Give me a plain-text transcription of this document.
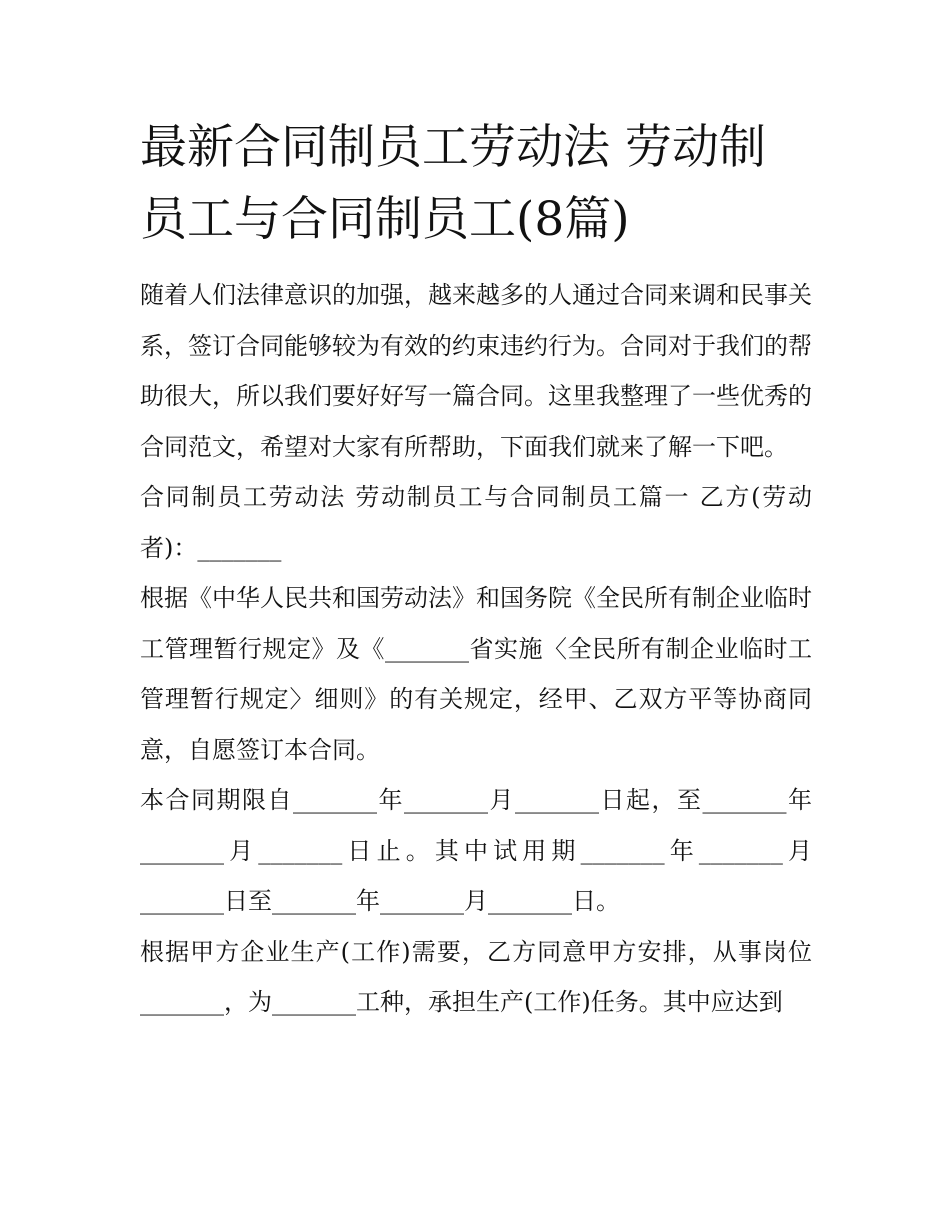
最新合同制员工劳动法 劳动制员工与合同制员工(8篇)

随着人们法律意识的加强，越来越多的人通过合同来调和民事关系，签订合同能够较为有效的约束违约行为。合同对于我们的帮助很大，所以我们要好好写一篇合同。这里我整理了一些优秀的合同范文，希望对大家有所帮助，下面我们就来了解一下吧。

合同制员工劳动法 劳动制员工与合同制员工篇一 乙方(劳动者)：_______

根据《中华人民共和国劳动法》和国务院《全民所有制企业临时工管理暂行规定》及《_______省实施〈全民所有制企业临时工管理暂行规定〉细则》的有关规定，经甲、乙双方平等协商同意，自愿签订本合同。

本合同期限自_______年_______月_______日起，至_______年_______月_______日止。其中试用期_______年_______月_______日至_______年_______月_______日。

根据甲方企业生产(工作)需要，乙方同意甲方安排，从事岗位_______，为_______工种，承担生产(工作)任务。其中应达到
